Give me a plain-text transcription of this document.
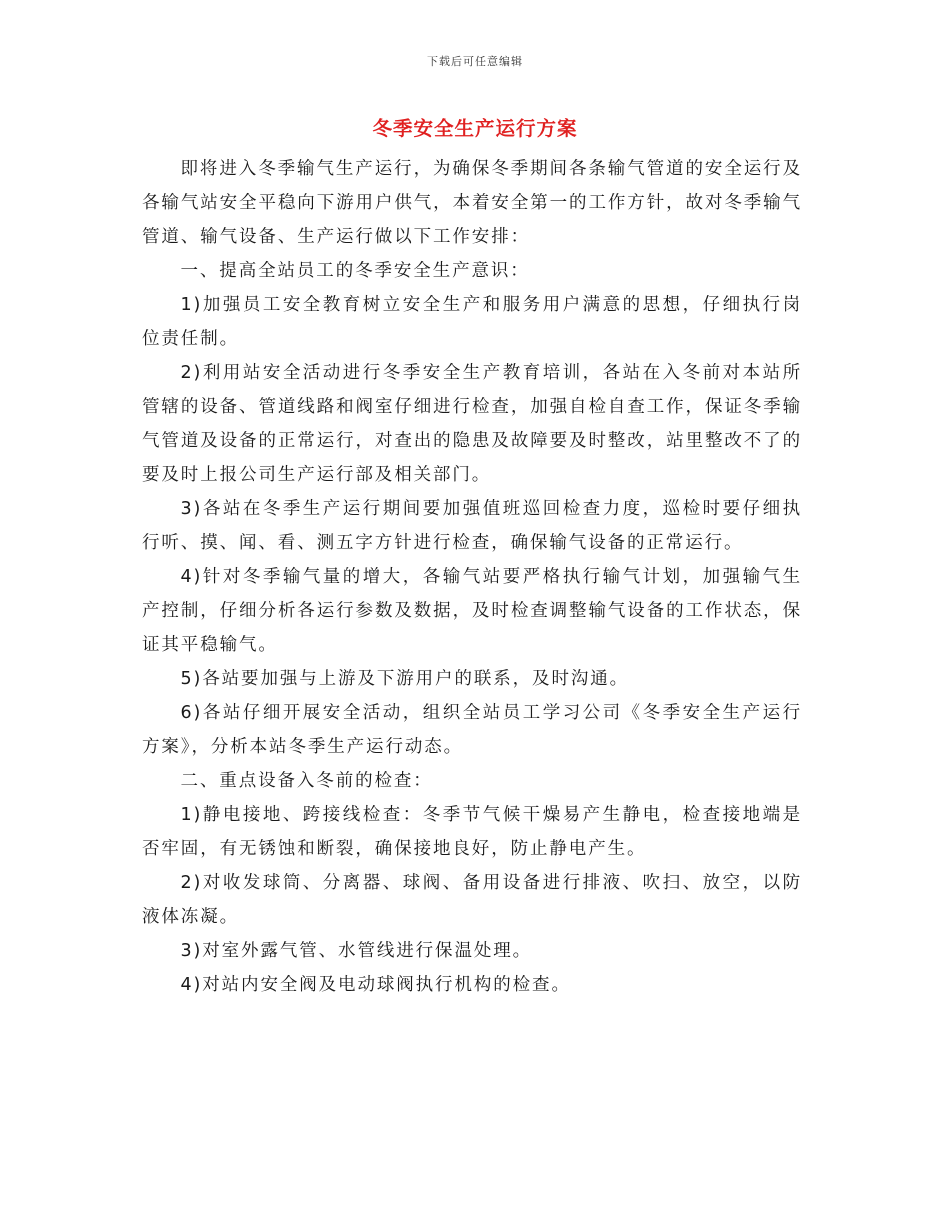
下载后可任意编辑
冬季安全生产运行方案

即将进入冬季输气生产运行，为确保冬季期间各条输气管道的安全运行及各输气站安全平稳向下游用户供气，本着安全第一的工作方针，故对冬季输气管道、输气设备、生产运行做以下工作安排：

一、提高全站员工的冬季安全生产意识：

1)加强员工安全教育树立安全生产和服务用户满意的思想，仔细执行岗位责任制。

2)利用站安全活动进行冬季安全生产教育培训，各站在入冬前对本站所管辖的设备、管道线路和阀室仔细进行检查，加强自检自查工作，保证冬季输气管道及设备的正常运行，对查出的隐患及故障要及时整改，站里整改不了的要及时上报公司生产运行部及相关部门。

3)各站在冬季生产运行期间要加强值班巡回检查力度，巡检时要仔细执行听、摸、闻、看、测五字方针进行检查，确保输气设备的正常运行。

4)针对冬季输气量的增大，各输气站要严格执行输气计划，加强输气生产控制，仔细分析各运行参数及数据，及时检查调整输气设备的工作状态，保证其平稳输气。

5)各站要加强与上游及下游用户的联系，及时沟通。

6)各站仔细开展安全活动，组织全站员工学习公司《冬季安全生产运行方案》，分析本站冬季生产运行动态。

二、重点设备入冬前的检查：

1)静电接地、跨接线检查：冬季节气候干燥易产生静电，检查接地端是否牢固，有无锈蚀和断裂，确保接地良好，防止静电产生。

2)对收发球筒、分离器、球阀、备用设备进行排液、吹扫、放空，以防液体冻凝。

3)对室外露气管、水管线进行保温处理。

4)对站内安全阀及电动球阀执行机构的检查。
